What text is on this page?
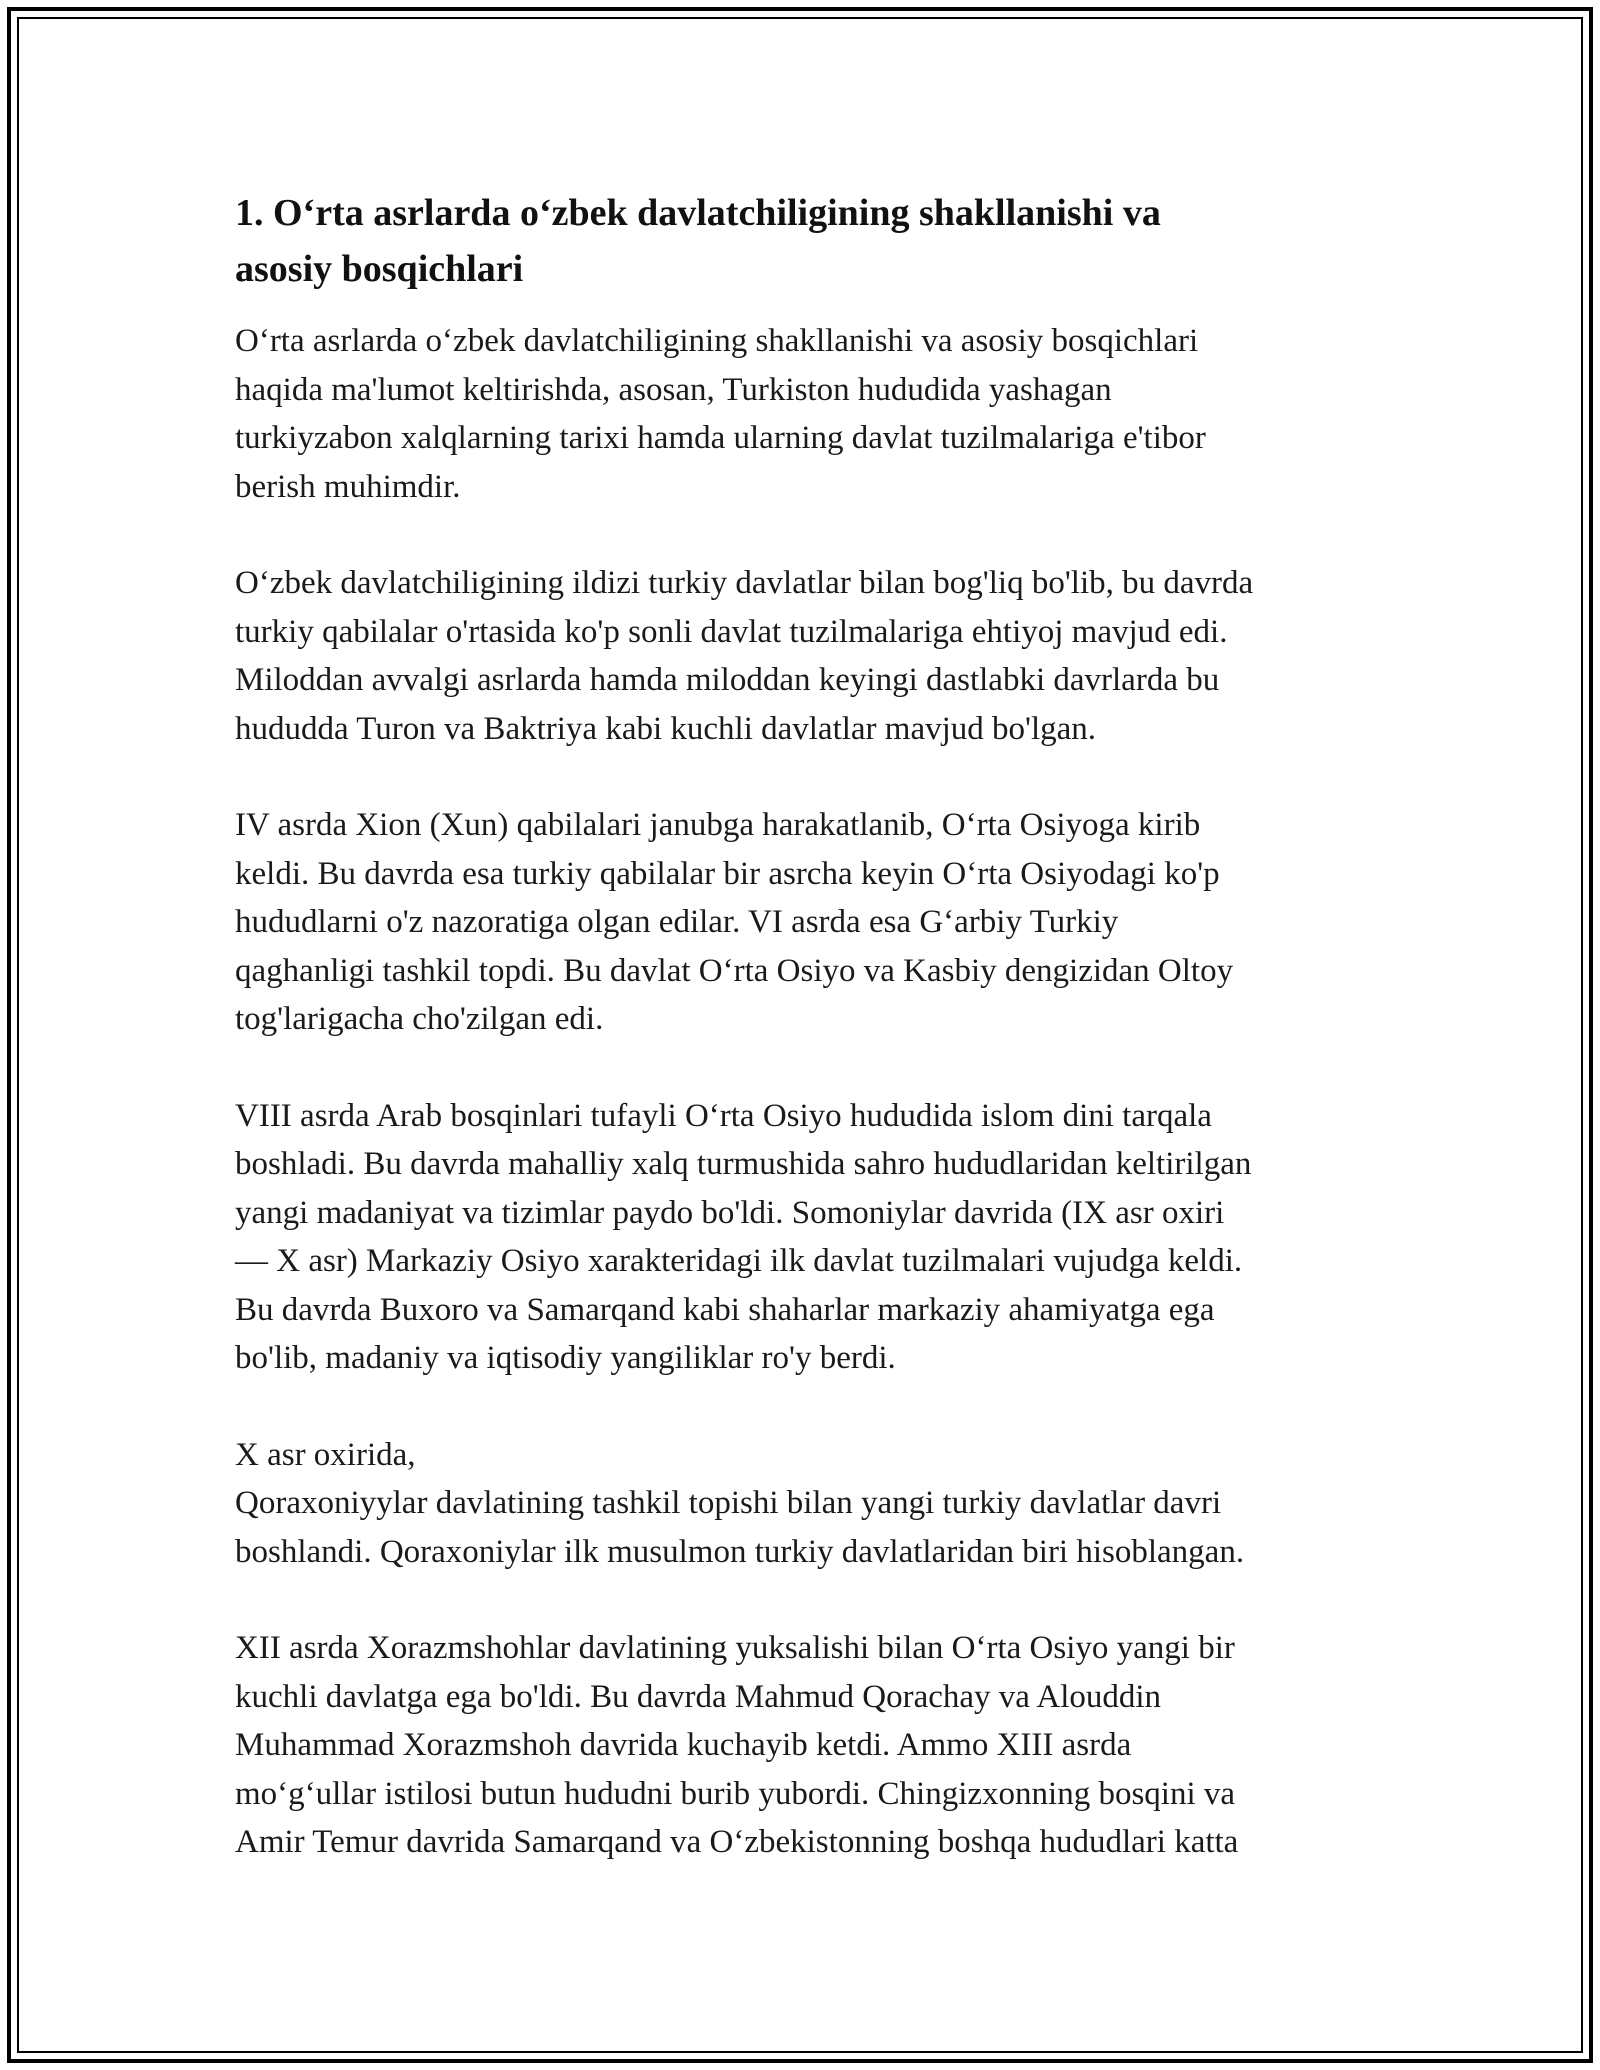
1. O‘rta asrlarda o‘zbek davlatchiligining shakllanishi va
asosiy bosqichlari

O‘rta asrlarda o‘zbek davlatchiligining shakllanishi va asosiy bosqichlari
haqida ma'lumot keltirishda, asosan, Turkiston hududida yashagan
turkiyzabon xalqlarning tarixi hamda ularning davlat tuzilmalariga e'tibor
berish muhimdir.

O‘zbek davlatchiligining ildizi turkiy davlatlar bilan bog'liq bo'lib, bu davrda
turkiy qabilalar o'rtasida ko'p sonli davlat tuzilmalariga ehtiyoj mavjud edi.
Miloddan avvalgi asrlarda hamda miloddan keyingi dastlabki davrlarda bu
hududda Turon va Baktriya kabi kuchli davlatlar mavjud bo'lgan.

IV asrda Xion (Xun) qabilalari janubga harakatlanib, O‘rta Osiyoga kirib
keldi. Bu davrda esa turkiy qabilalar bir asrcha keyin O‘rta Osiyodagi ko'p
hududlarni o'z nazoratiga olgan edilar. VI asrda esa G‘arbiy Turkiy
qaghanligi tashkil topdi. Bu davlat O‘rta Osiyo va Kasbiy dengizidan Oltoy
tog'larigacha cho'zilgan edi.

VIII asrda Arab bosqinlari tufayli O‘rta Osiyo hududida islom dini tarqala
boshladi. Bu davrda mahalliy xalq turmushida sahro hududlaridan keltirilgan
yangi madaniyat va tizimlar paydo bo'ldi. Somoniylar davrida (IX asr oxiri
— X asr) Markaziy Osiyo xarakteridagi ilk davlat tuzilmalari vujudga keldi.
Bu davrda Buxoro va Samarqand kabi shaharlar markaziy ahamiyatga ega
bo'lib, madaniy va iqtisodiy yangiliklar ro'y berdi.

X asr oxirida,
Qoraxoniyylar davlatining tashkil topishi bilan yangi turkiy davlatlar davri
boshlandi. Qoraxoniylar ilk musulmon turkiy davlatlaridan biri hisoblangan.

XII asrda Xorazmshohlar davlatining yuksalishi bilan O‘rta Osiyo yangi bir
kuchli davlatga ega bo'ldi. Bu davrda Mahmud Qorachay va Alouddin
Muhammad Xorazmshoh davrida kuchayib ketdi. Ammo XIII asrda
mo‘g‘ullar istilosi butun hududni burib yubordi. Chingizxonning bosqini va
Amir Temur davrida Samarqand va O‘zbekistonning boshqa hududlari katta
